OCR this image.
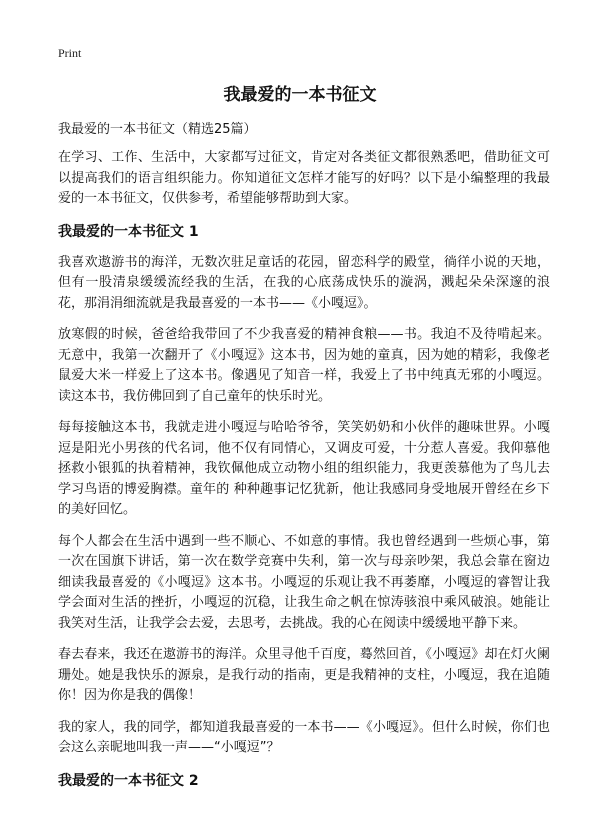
Print
我最爱的一本书征文

我最爱的一本书征文（精选25篇）

在学习、工作、生活中，大家都写过征文，肯定对各类征文都很熟悉吧，借助征文可以提高我们的语言组织能力。你知道征文怎样才能写的好吗？以下是小编整理的我最爱的一本书征文，仅供参考，希望能够帮助到大家。

我最爱的一本书征文 1

我喜欢遨游书的海洋，无数次驻足童话的花园，留恋科学的殿堂，徜徉小说的天地，但有一股清泉缓缓流经我的生活，在我的心底荡成快乐的漩涡，溅起朵朵深邃的浪花，那涓涓细流就是我最喜爱的一本书——《小嘎逗》。

放寒假的时候，爸爸给我带回了不少我喜爱的精神食粮——书。我迫不及待啃起来。无意中，我第一次翻开了《小嘎逗》这本书，因为她的童真，因为她的精彩，我像老鼠爱大米一样爱上了这本书。像遇见了知音一样，我爱上了书中纯真无邪的小嘎逗。读这本书，我仿佛回到了自己童年的快乐时光。

每每接触这本书，我就走进小嘎逗与哈哈爷爷，笑笑奶奶和小伙伴的趣味世界。小嘎逗是阳光小男孩的代名词，他不仅有同情心，又调皮可爱，十分惹人喜爱。我仰慕他拯救小银狐的执着精神，我钦佩他成立动物小组的组织能力，我更羡慕他为了鸟儿去学习鸟语的博爱胸襟。童年的 种种趣事记忆犹新，他让我感同身受地展开曾经在乡下的美好回忆。

每个人都会在生活中遇到一些不顺心、不如意的事情。我也曾经遇到一些烦心事，第一次在国旗下讲话，第一次在数学竞赛中失利，第一次与母亲吵架，我总会靠在窗边细读我最喜爱的《小嘎逗》这本书。小嘎逗的乐观让我不再萎靡，小嘎逗的睿智让我学会面对生活的挫折，小嘎逗的沉稳，让我生命之帆在惊涛骇浪中乘风破浪。她能让我笑对生活，让我学会去爱，去思考，去挑战。我的心在阅读中缓缓地平静下来。

春去春来，我还在遨游书的海洋。众里寻他千百度，蓦然回首，《小嘎逗》却在灯火阑珊处。她是我快乐的源泉，是我行动的指南，更是我精神的支柱，小嘎逗，我在追随你！因为你是我的偶像！

我的家人，我的同学，都知道我最喜爱的一本书——《小嘎逗》。但什么时候，你们也会这么亲昵地叫我一声——“小嘎逗”？

我最爱的一本书征文 2
